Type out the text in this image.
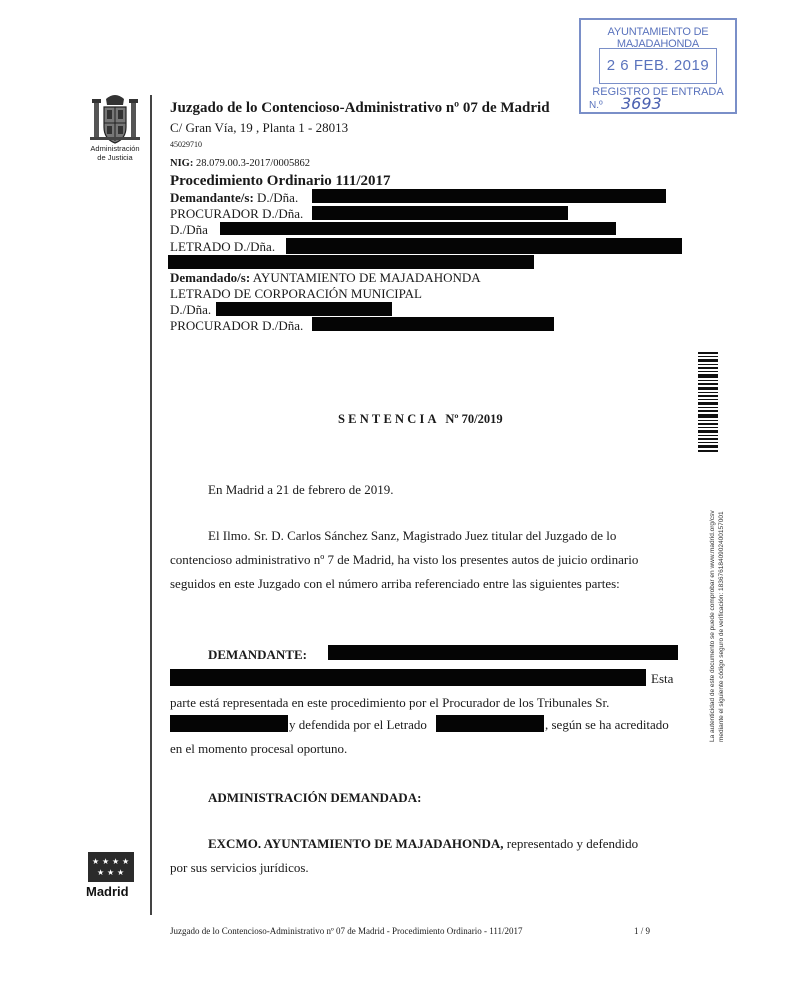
AYUNTAMIENTO DE MAJADAHONDA
2 6 FEB. 2019
REGISTRO DE ENTRADA
N.º 3693
Administración
de Justicia
Juzgado de lo Contencioso-Administrativo nº 07 de Madrid
C/ Gran Vía, 19 , Planta 1 - 28013
45029710
NIG: 28.079.00.3-2017/0005862
Procedimiento Ordinario 111/2017
Demandante/s: D./Dña.
PROCURADOR D./Dña.
D./Dña
LETRADO D./Dña.
Demandado/s: AYUNTAMIENTO DE MAJADAHONDA
LETRADO DE CORPORACIÓN MUNICIPAL
D./Dña.
PROCURADOR D./Dña.
SENTENCIA Nº 70/2019
En Madrid a 21 de febrero de 2019.
El Ilmo. Sr. D. Carlos Sánchez Sanz, Magistrado Juez titular del Juzgado de lo
contencioso administrativo nº 7 de Madrid, ha visto los presentes autos de juicio ordinario
seguidos en este Juzgado con el número arriba referenciado entre las siguientes partes:
DEMANDANTE:
Esta
parte está representada en este procedimiento por el Procurador de los Tribunales Sr.
y defendida por el Letrado	, según se ha acreditado
en el momento procesal oportuno.
ADMINISTRACIÓN DEMANDADA:
EXCMO. AYUNTAMIENTO DE MAJADAHONDA, representado y defendido
por sus servicios jurídicos.
★ ★ ★ ★
★ ★ ★
Madrid
La autenticidad de este documento se puede comprobar en www.madrid.org/csv mediante el siguiente código seguro de verificación: 1836761840902400157001
Juzgado de lo Contencioso-Administrativo nº 07 de Madrid - Procedimiento Ordinario - 111/2017	1 / 9
